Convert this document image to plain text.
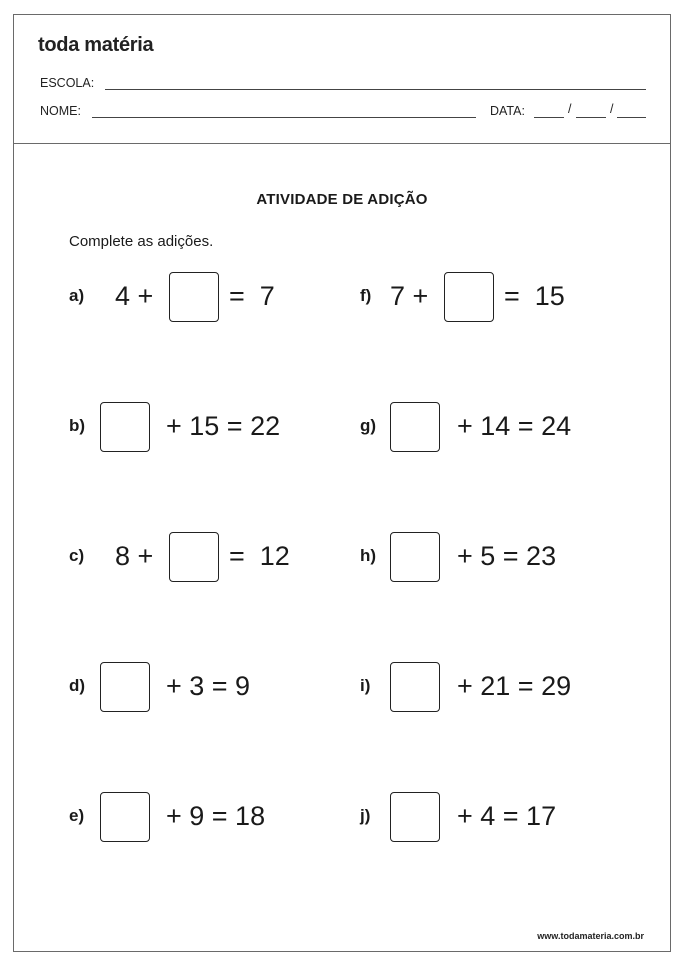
toda matéria
ESCOLA:
NOME:	DATA:	/	/
ATIVIDADE DE ADIÇÃO
Complete as adições.
a) 4 +	=  7
b)	+ 15 = 22
c) 8 +	=  12
d)	+ 3 = 9
e)	+ 9 = 18
f) 7 +	=  15
g)	+ 14 = 24
h)	+ 5 = 23
i)	+ 21 = 29
j)	+ 4 = 17
www.todamateria.com.br
